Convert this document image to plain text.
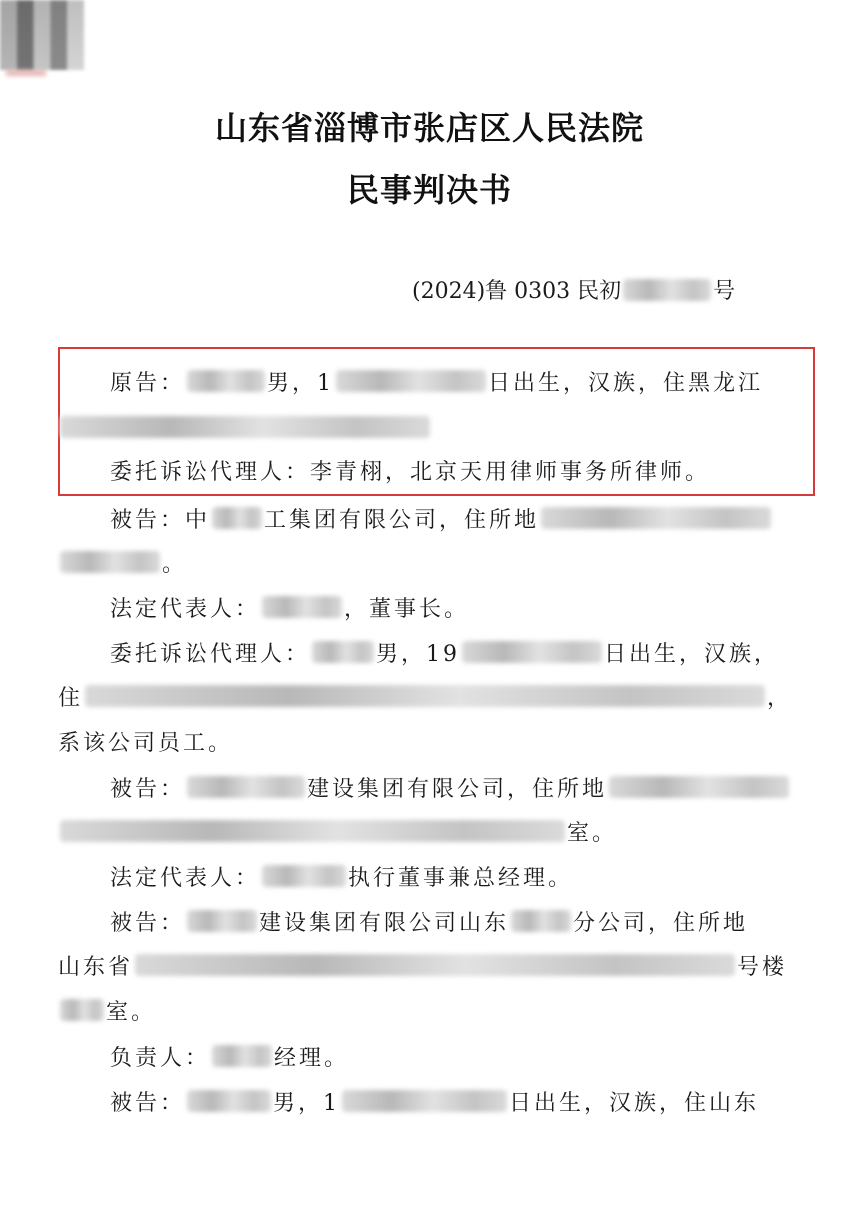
山东省淄博市张店区人民法院
民事判决书
(2024)鲁 0303 民初	号
原告：	男，1	日出生，汉族，住黑龙江
委托诉讼代理人：李青栩，北京天用律师事务所律师。
被告：中 工集团有限公司，住所地
。
法定代表人：	，董事长。
委托诉讼代理人：	男，19	日出生，汉族，
住	，
系该公司员工。
被告：	建设集团有限公司，住所地
室。
法定代表人：	执行董事兼总经理。
被告：	建设集团有限公司山东	分公司，住所地
山东省	号楼
室。
负责人：	经理。
被告：	男，1	日出生，汉族，住山东
